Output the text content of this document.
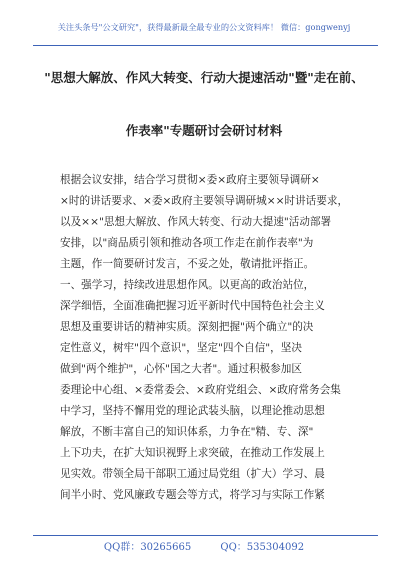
关注头条号"公文研究"，获得最新最全最专业的公文资料库！ 微信：gongwenyj
"思想大解放、作风大转变、行动大提速活动"暨"走在前、
作表率"专题研讨会研讨材料
根据会议安排，结合学习贯彻×委×政府主要领导调研×
×时的讲话要求、×委×政府主要领导调研城××时讲话要求，
以及××"思想大解放、作风大转变、行动大提速"活动部署
安排，以"商品质引领和推动各项工作走在前作表率"为
主题，作一简要研讨发言，不妥之处，敬请批评指正。
一、强学习，持续改进思想作风。以更高的政治站位，
深学细悟，全面准确把握习近平新时代中国特色社会主义
思想及重要讲话的精神实质。深刻把握"两个确立"的决
定性意义，树牢"四个意识"，坚定"四个自信"，坚决
做到"两个维护"，心怀"国之大者"。通过积极参加区
委理论中心组、×委常委会、×政府党组会、×政府常务会集
中学习，坚持不懈用党的理论武装头脑，以理论推动思想
解放，不断丰富自己的知识体系，力争在"精、专、深"
上下功夫，在扩大知识视野上求突破，在推动工作发展上
见实效。带领全局干部职工通过局党组（扩大）学习、晨
间半小时、党风廉政专题会等方式，将学习与实际工作紧
QQ群：30265665	QQ：535304092
